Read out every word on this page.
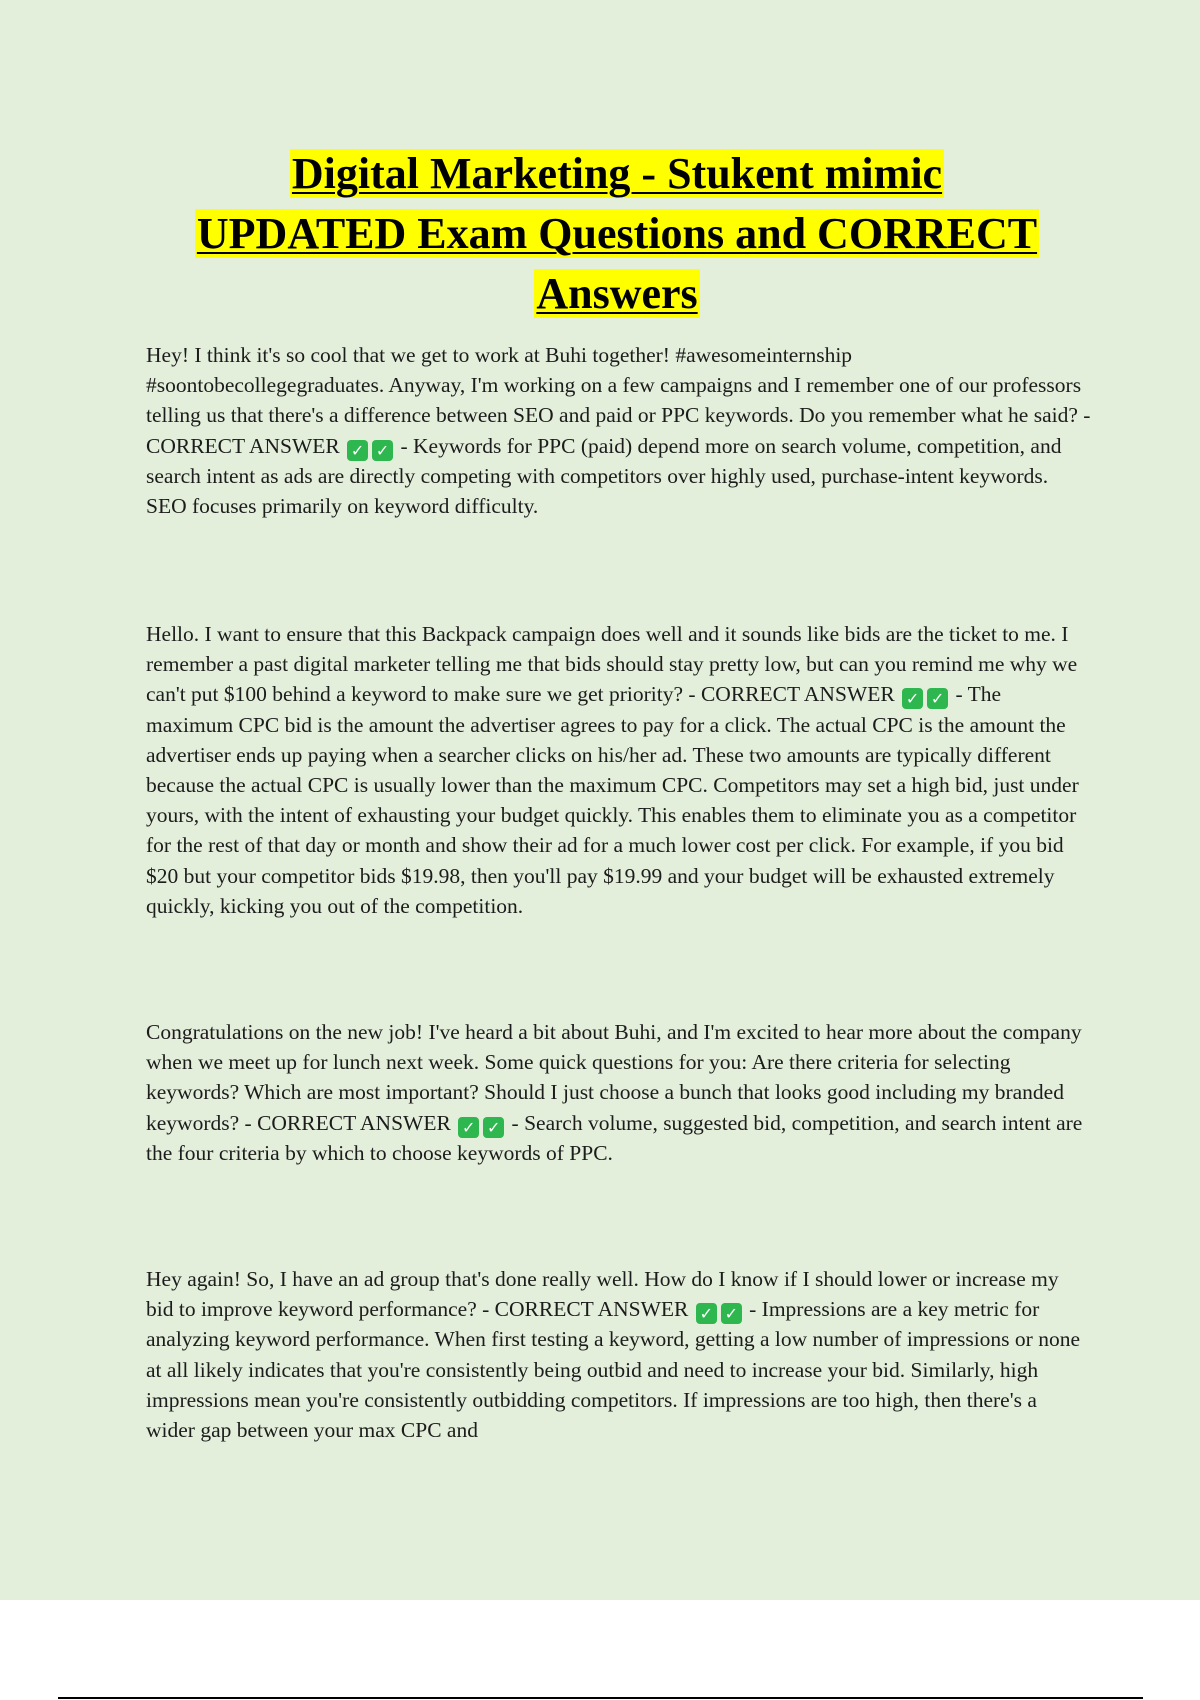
Digital Marketing - Stukent mimic
UPDATED Exam Questions and CORRECT
Answers

Hey! I think it's so cool that we get to work at Buhi together! #awesomeinternship #soontobecollegegraduates. Anyway, I'm working on a few campaigns and I remember one of our professors telling us that there's a difference between SEO and paid or PPC keywords. Do you remember what he said? - CORRECT ANSWER ✓ ✓ - Keywords for PPC (paid) depend more on search volume, competition, and search intent as ads are directly competing with competitors over highly used, purchase-intent keywords. SEO focuses primarily on keyword difficulty.

Hello. I want to ensure that this Backpack campaign does well and it sounds like bids are the ticket to me. I remember a past digital marketer telling me that bids should stay pretty low, but can you remind me why we can't put $100 behind a keyword to make sure we get priority? - CORRECT ANSWER ✓ ✓ - The maximum CPC bid is the amount the advertiser agrees to pay for a click. The actual CPC is the amount the advertiser ends up paying when a searcher clicks on his/her ad. These two amounts are typically different because the actual CPC is usually lower than the maximum CPC. Competitors may set a high bid, just under yours, with the intent of exhausting your budget quickly. This enables them to eliminate you as a competitor for the rest of that day or month and show their ad for a much lower cost per click. For example, if you bid $20 but your competitor bids $19.98, then you'll pay $19.99 and your budget will be exhausted extremely quickly, kicking you out of the competition.

Congratulations on the new job! I've heard a bit about Buhi, and I'm excited to hear more about the company when we meet up for lunch next week. Some quick questions for you: Are there criteria for selecting keywords? Which are most important? Should I just choose a bunch that looks good including my branded keywords? - CORRECT ANSWER ✓ ✓ - Search volume, suggested bid, competition, and search intent are the four criteria by which to choose keywords of PPC.

Hey again! So, I have an ad group that's done really well. How do I know if I should lower or increase my bid to improve keyword performance? - CORRECT ANSWER ✓ ✓ - Impressions are a key metric for analyzing keyword performance. When first testing a keyword, getting a low number of impressions or none at all likely indicates that you're consistently being outbid and need to increase your bid. Similarly, high impressions mean you're consistently outbidding competitors. If impressions are too high, then there's a wider gap between your max CPC and
